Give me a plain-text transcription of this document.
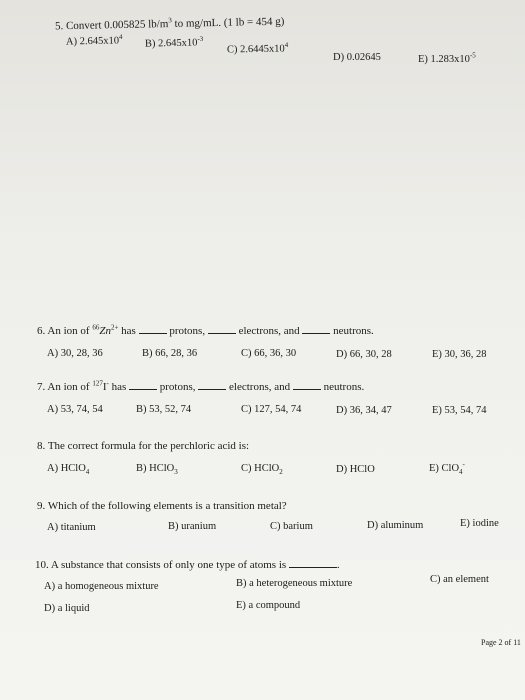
5. Convert 0.005825 $lb/m^3$ to mg/mL. (1 lb = 454 g)
A) $2.645x10^4$
B) $2.645x10^{-3}$
C) $2.6445x10^4$
D) 0.02645	E) $1.283x10^{-5}$
6. An ion of $^{66}Zn^{2+}$ has	protons,	electrons, and	neutrons.
A) 30, 28, 36	B) 66, 28, 36	C) 66, 36, 30	D) 66, 30, 28	E) 30, 36, 28
7. An ion of $^{127}$I- has	protons,	electrons, and	neutrons.
A) 53, 74, 54	B) 53, 52, 74	C) 127, 54, 74	D) 36, 34, 47	E) 53, 54, 74
8. The correct formula for the perchloric acid is:
A) HClO$_4$	B) HClO$_3$	C) HClO$_2$	D) HClO	E) ClO$_4$-
9. Which of the following elements is a transition metal?
A) titanium	B) uranium	C) barium	D) aluminum	E) iodine
10. A substance that consists of only one type of atoms is	.
A) a homogeneous mixture	B) a heterogeneous mixture	C) an element
D) a liquid	E) a compound
Page 2 of 11
